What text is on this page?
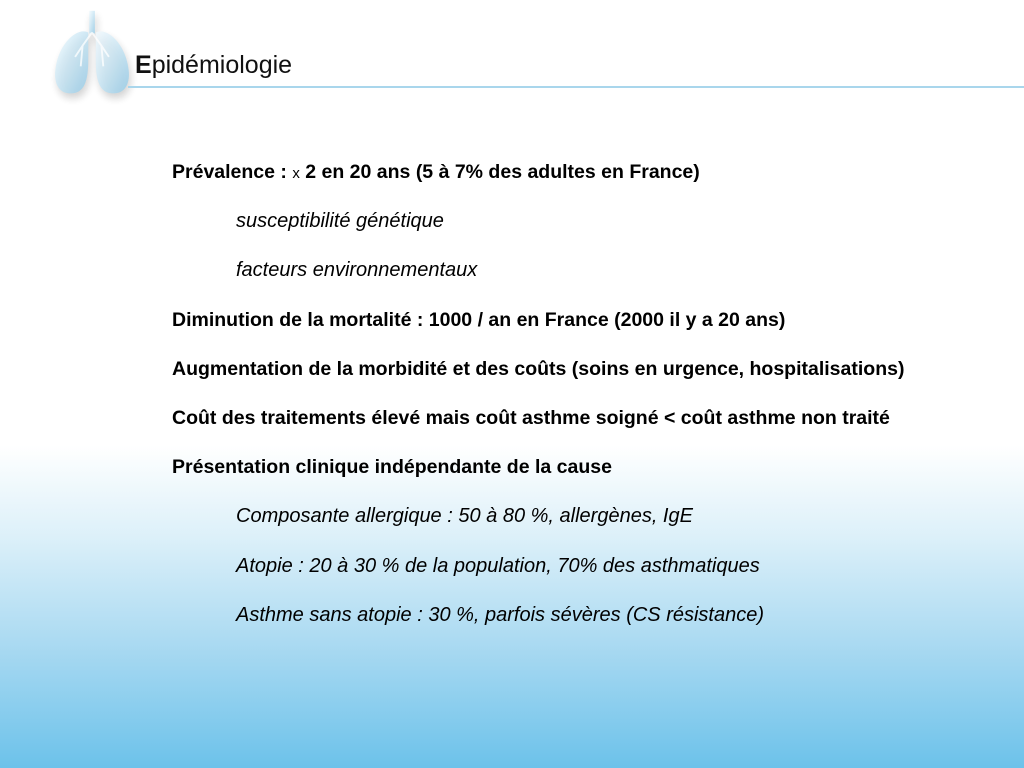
Epidémiologie
Prévalence : x 2 en 20 ans (5 à 7% des adultes en France)
susceptibilité génétique
facteurs environnementaux
Diminution de la mortalité : 1000 / an en France (2000 il y a 20 ans)
Augmentation de la morbidité et des coûts (soins en urgence, hospitalisations)
Coût des traitements élevé mais coût asthme soigné < coût asthme non traité
Présentation clinique indépendante de la cause
Composante allergique : 50 à 80 %, allergènes, IgE
Atopie : 20 à 30 % de la population, 70% des asthmatiques
Asthme sans atopie : 30 %, parfois sévères (CS résistance)
